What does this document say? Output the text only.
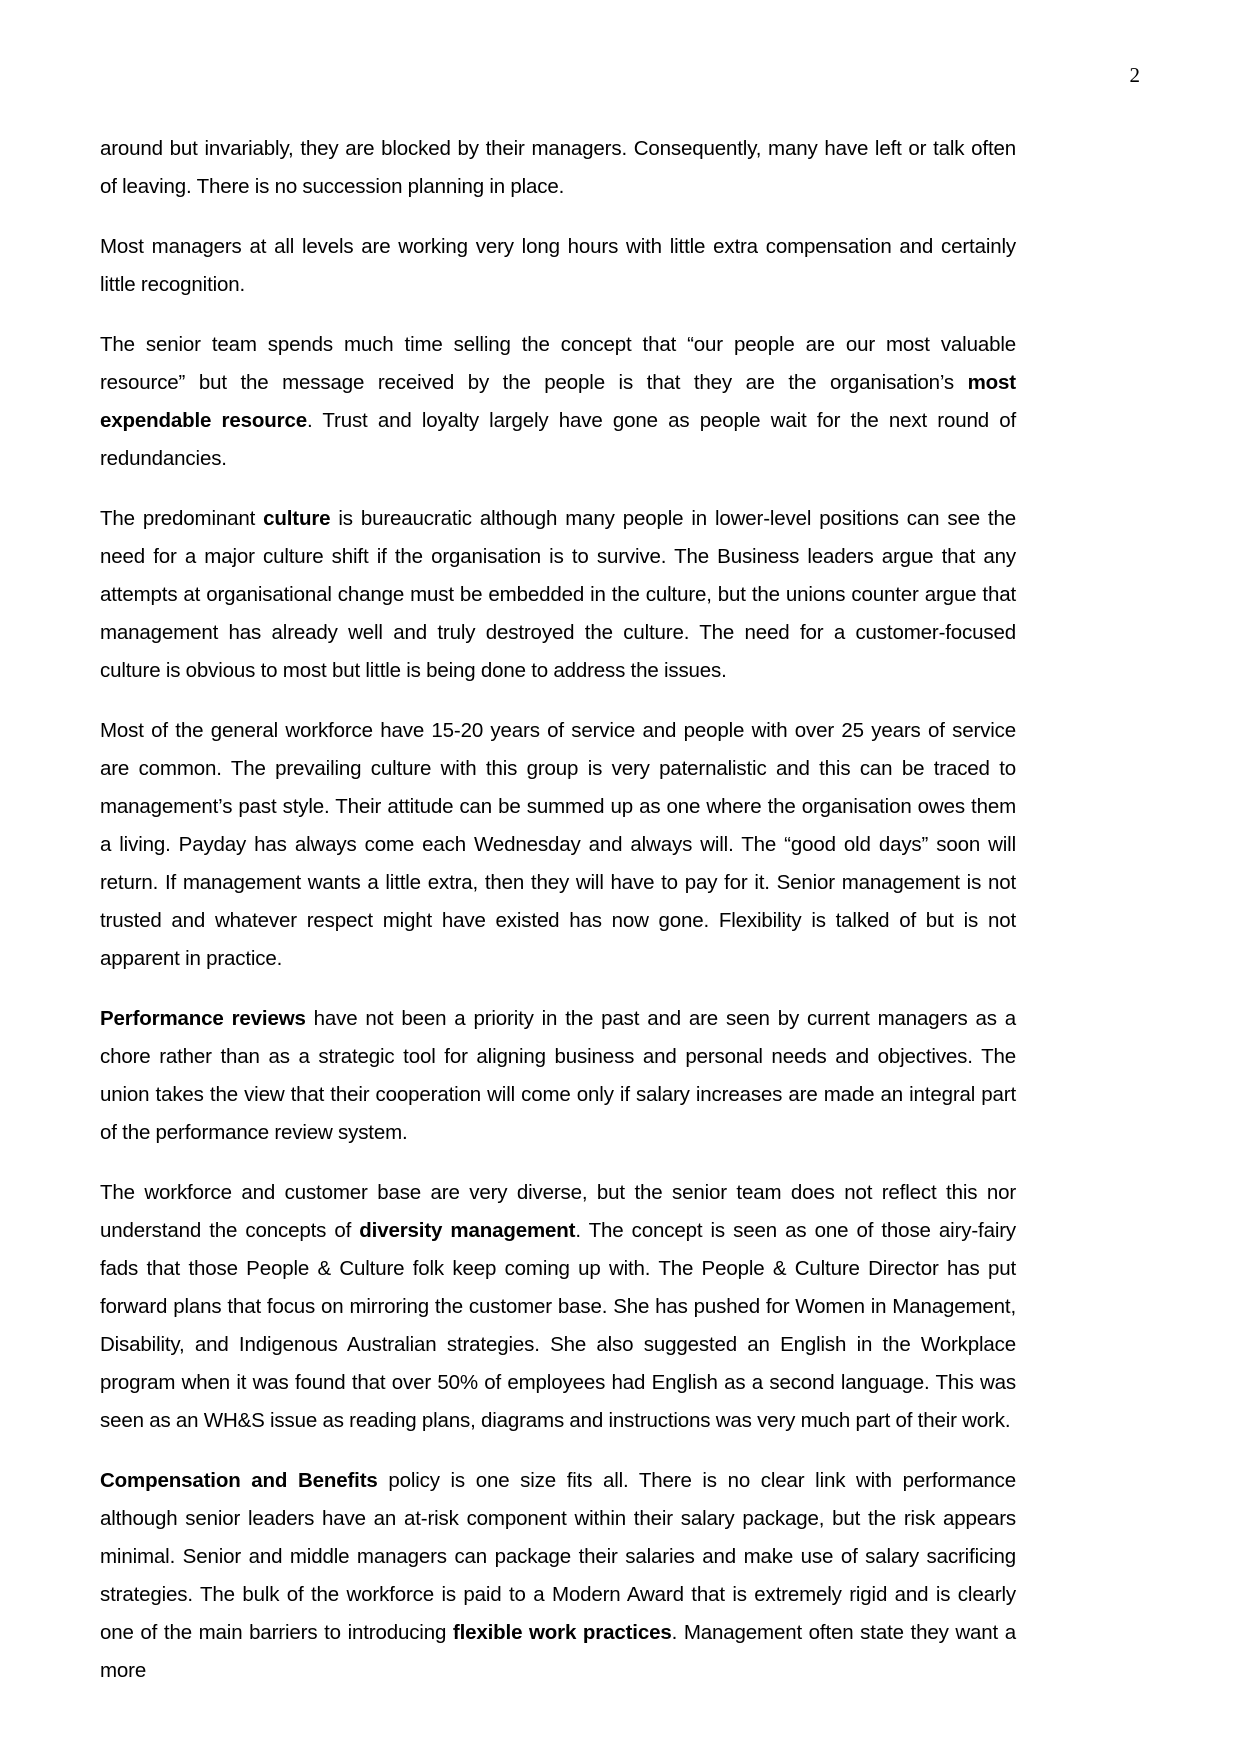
2

around but invariably, they are blocked by their managers. Consequently, many have left or talk often of leaving. There is no succession planning in place.

Most managers at all levels are working very long hours with little extra compensation and certainly little recognition.

The senior team spends much time selling the concept that “our people are our most valuable resource” but the message received by the people is that they are the organisation’s most expendable resource. Trust and loyalty largely have gone as people wait for the next round of redundancies.

The predominant culture is bureaucratic although many people in lower-level positions can see the need for a major culture shift if the organisation is to survive. The Business leaders argue that any attempts at organisational change must be embedded in the culture, but the unions counter argue that management has already well and truly destroyed the culture. The need for a customer-focused culture is obvious to most but little is being done to address the issues.

Most of the general workforce have 15-20 years of service and people with over 25 years of service are common. The prevailing culture with this group is very paternalistic and this can be traced to management’s past style. Their attitude can be summed up as one where the organisation owes them a living. Payday has always come each Wednesday and always will. The “good old days” soon will return. If management wants a little extra, then they will have to pay for it. Senior management is not trusted and whatever respect might have existed has now gone. Flexibility is talked of but is not apparent in practice.

Performance reviews have not been a priority in the past and are seen by current managers as a chore rather than as a strategic tool for aligning business and personal needs and objectives. The union takes the view that their cooperation will come only if salary increases are made an integral part of the performance review system.

The workforce and customer base are very diverse, but the senior team does not reflect this nor understand the concepts of diversity management. The concept is seen as one of those airy-fairy fads that those People & Culture folk keep coming up with. The People & Culture Director has put forward plans that focus on mirroring the customer base. She has pushed for Women in Management, Disability, and Indigenous Australian strategies. She also suggested an English in the Workplace program when it was found that over 50% of employees had English as a second language. This was seen as an WH&S issue as reading plans, diagrams and instructions was very much part of their work.

Compensation and Benefits policy is one size fits all. There is no clear link with performance although senior leaders have an at-risk component within their salary package, but the risk appears minimal. Senior and middle managers can package their salaries and make use of salary sacrificing strategies. The bulk of the workforce is paid to a Modern Award that is extremely rigid and is clearly one of the main barriers to introducing flexible work practices. Management often state they want a more
